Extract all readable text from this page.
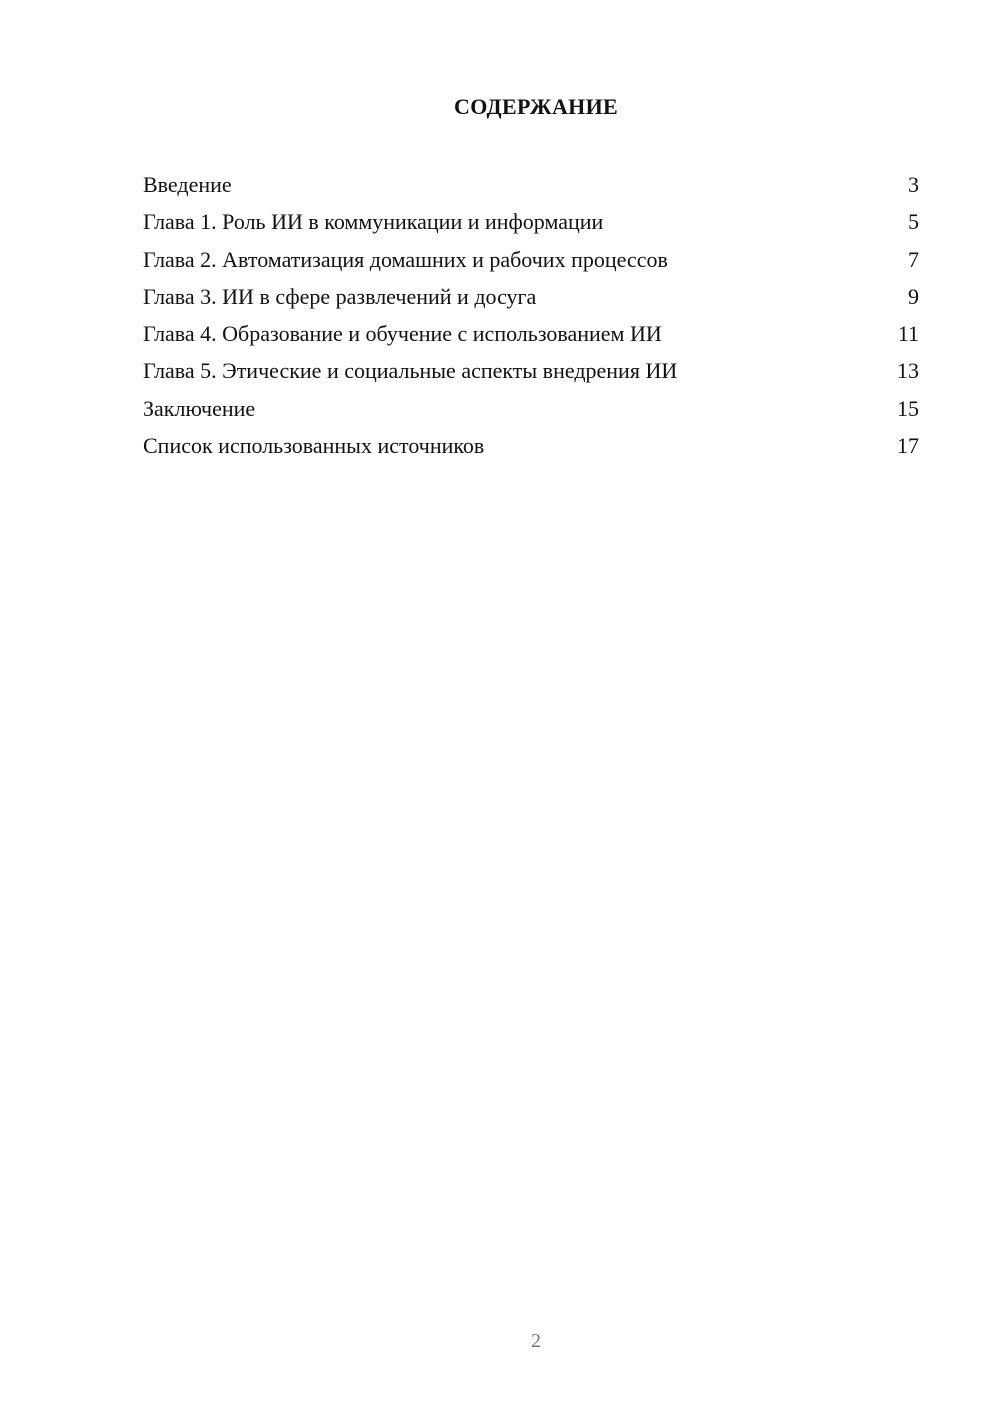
СОДЕРЖАНИЕ
Введение	3
Глава 1. Роль ИИ в коммуникации и информации	5
Глава 2. Автоматизация домашних и рабочих процессов	7
Глава 3. ИИ в сфере развлечений и досуга	9
Глава 4. Образование и обучение с использованием ИИ	11
Глава 5. Этические и социальные аспекты внедрения ИИ	13
Заключение	15
Список использованных источников	17
2
